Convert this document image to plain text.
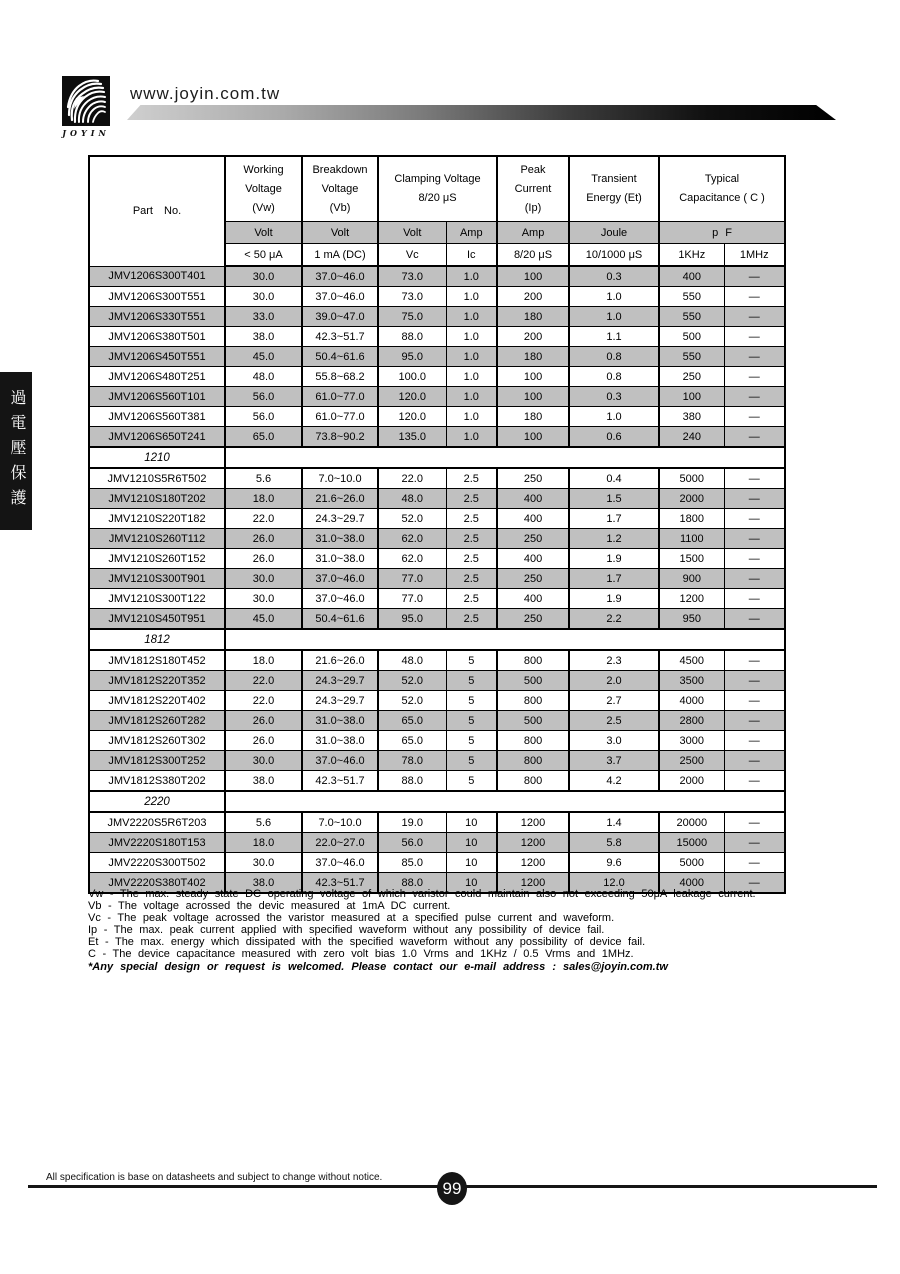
JOYIN
www.joyin.com.tw
過電壓保護
Part No.	
Working
Voltage
(Vw)

Breakdown
Voltage
(Vb)

Clamping Voltage
8/20 μS

Peak
Current
(Ip)

Transient
Energy (Et)

Typical
Capacitance ( C )

	Volt	Volt	Volt	Amp	Amp	Joule	p F	
	< 50 μA	1 mA (DC)	Vc	Ic	8/20 μS	10/1000 μS	1KHz	1MHz
JMV1206S300T401	30.0	37.0~46.0	73.0	1.0	100	0.3	400	—
JMV1206S300T551	30.0	37.0~46.0	73.0	1.0	200	1.0	550	—
JMV1206S330T551	33.0	39.0~47.0	75.0	1.0	180	1.0	550	—
JMV1206S380T501	38.0	42.3~51.7	88.0	1.0	200	1.1	500	—
JMV1206S450T551	45.0	50.4~61.6	95.0	1.0	180	0.8	550	—
JMV1206S480T251	48.0	55.8~68.2	100.0	1.0	100	0.8	250	—
JMV1206S560T101	56.0	61.0~77.0	120.0	1.0	100	0.3	100	—
JMV1206S560T381	56.0	61.0~77.0	120.0	1.0	180	1.0	380	—
JMV1206S650T241	65.0	73.8~90.2	135.0	1.0	100	0.6	240	—
1210								
JMV1210S5R6T502	5.6	7.0~10.0	22.0	2.5	250	0.4	5000	—
JMV1210S180T202	18.0	21.6~26.0	48.0	2.5	400	1.5	2000	—
JMV1210S220T182	22.0	24.3~29.7	52.0	2.5	400	1.7	1800	—
JMV1210S260T112	26.0	31.0~38.0	62.0	2.5	250	1.2	1100	—
JMV1210S260T152	26.0	31.0~38.0	62.0	2.5	400	1.9	1500	—
JMV1210S300T901	30.0	37.0~46.0	77.0	2.5	250	1.7	900	—
JMV1210S300T122	30.0	37.0~46.0	77.0	2.5	400	1.9	1200	—
JMV1210S450T951	45.0	50.4~61.6	95.0	2.5	250	2.2	950	—
1812								
JMV1812S180T452	18.0	21.6~26.0	48.0	5	800	2.3	4500	—
JMV1812S220T352	22.0	24.3~29.7	52.0	5	500	2.0	3500	—
JMV1812S220T402	22.0	24.3~29.7	52.0	5	800	2.7	4000	—
JMV1812S260T282	26.0	31.0~38.0	65.0	5	500	2.5	2800	—
JMV1812S260T302	26.0	31.0~38.0	65.0	5	800	3.0	3000	—
JMV1812S300T252	30.0	37.0~46.0	78.0	5	800	3.7	2500	—
JMV1812S380T202	38.0	42.3~51.7	88.0	5	800	4.2	2000	—
2220								
JMV2220S5R6T203	5.6	7.0~10.0	19.0	10	1200	1.4	20000	—
JMV2220S180T153	18.0	22.0~27.0	56.0	10	1200	5.8	15000	—
JMV2220S300T502	30.0	37.0~46.0	85.0	10	1200	9.6	5000	—
JMV2220S380T402	38.0	42.3~51.7	88.0	10	1200	12.0	4000	—
Vw - The max. steady state DC operating voltage of which varistor could maintain also not exceeding 50μA leakage current.
Vb - The voltage acrossed the devic measured at 1mA DC current.
Vc - The peak voltage acrossed the varistor measured at a specified pulse current and waveform.
Ip - The max. peak current applied with specified waveform without any possibility of device fail.
Et - The max. energy which dissipated with the specified waveform without any possibility of device fail.
C - The device capacitance measured with zero volt bias 1.0 Vrms and 1KHz / 0.5 Vrms and 1MHz.
*Any special design or request is welcomed. Please contact our e-mail address : sales@joyin.com.tw
All specification is base on datasheets and subject to change without notice.
99
